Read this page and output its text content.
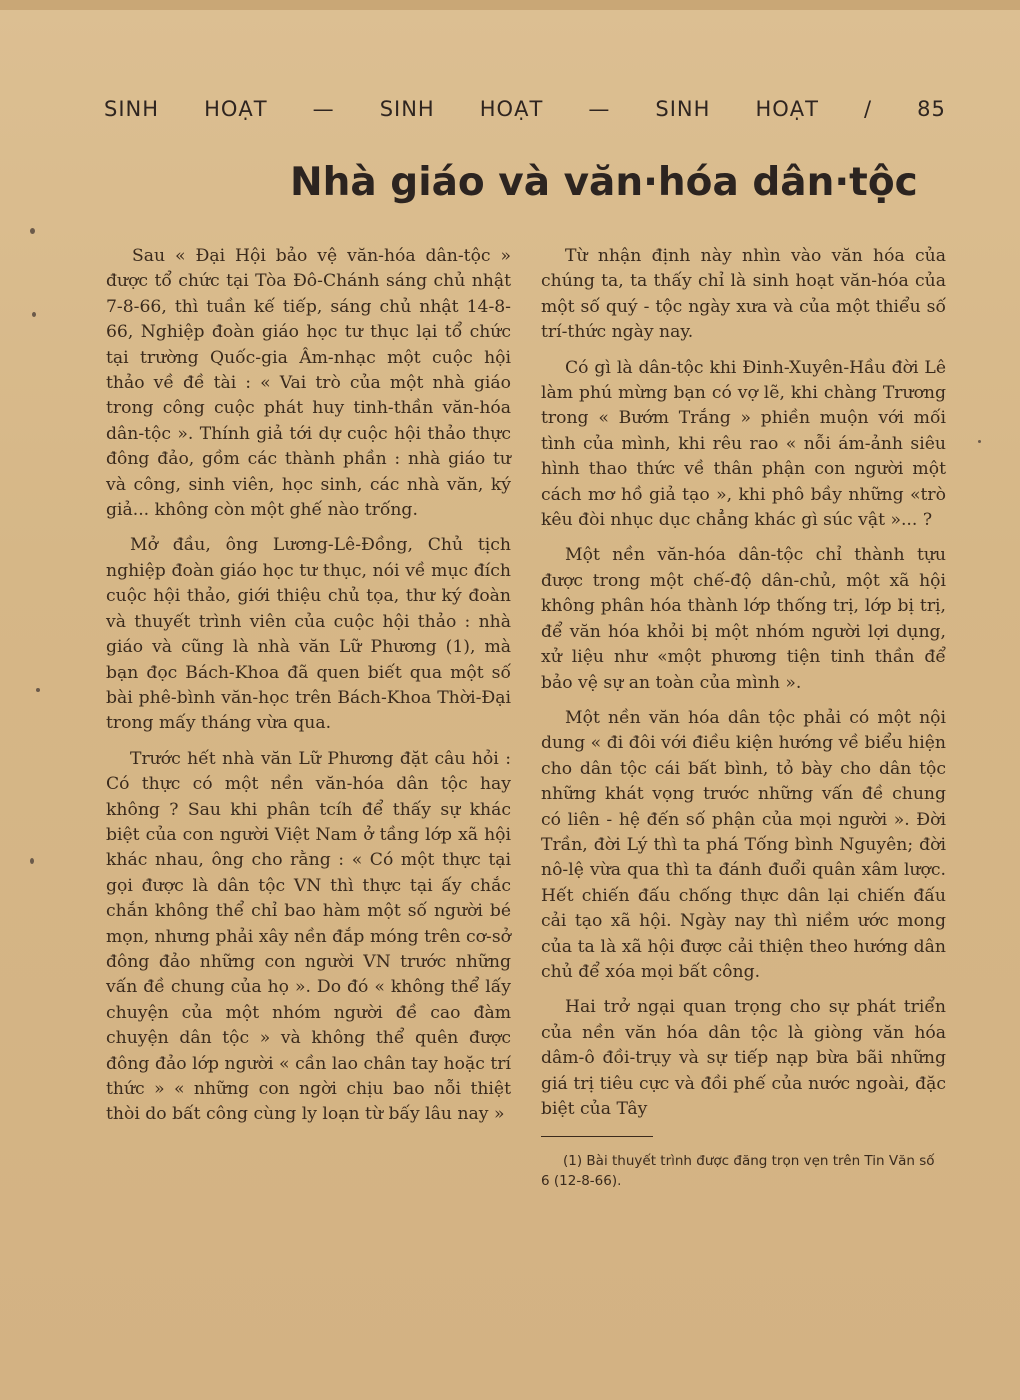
SINH HOẠT — SINH HOẠT — SINH HOẠT / 85
Nhà giáo và văn·hóa dân·tộc

Sau « Đại Hội bảo vệ văn-hóa dân-tộc » được tổ chức tại Tòa Đô-Chánh sáng chủ nhật 7-8-66, thì tuần kế tiếp, sáng chủ nhật 14-8-66, Nghiệp đoàn giáo học tư thục lại tổ chức tại trường Quốc-gia Âm-nhạc một cuộc hội thảo về đề tài : « Vai trò của một nhà giáo trong công cuộc phát huy tinh-thần văn-hóa dân-tộc ». Thính giả tới dự cuộc hội thảo thực đông đảo, gồm các thành phần : nhà giáo tư và công, sinh viên, học sinh, các nhà văn, ký giả... không còn một ghế nào trống.

Mở đầu, ông Lương-Lê-Đồng, Chủ tịch nghiệp đoàn giáo học tư thục, nói về mục đích cuộc hội thảo, giới thiệu chủ tọa, thư ký đoàn và thuyết trình viên của cuộc hội thảo : nhà giáo và cũng là nhà văn Lữ Phương (1), mà bạn đọc Bách-Khoa đã quen biết qua một số bài phê-bình văn-học trên Bách-Khoa Thời-Đại trong mấy tháng vừa qua.

Trước hết nhà văn Lữ Phương đặt câu hỏi : Có thực có một nền văn-hóa dân tộc hay không ? Sau khi phân tcíh để thấy sự khác biệt của con người Việt Nam ở tầng lớp xã hội khác nhau, ông cho rằng : « Có một thực tại gọi được là dân tộc VN thì thực tại ấy chắc chắn không thể chỉ bao hàm một số người bé mọn, nhưng phải xây nền đắp móng trên cơ-sở đông đảo những con người VN trước những vấn đề chung của họ ». Do đó « không thể lấy chuyện của một nhóm người đề cao đàm chuyện dân tộc » và không thể quên được đông đảo lớp người « cần lao chân tay hoặc trí thức » « những con ngời chịu bao nỗi thiệt thòi do bất công cùng ly loạn từ bấy lâu nay »

Từ nhận định này nhìn vào văn hóa của chúng ta, ta thấy chỉ là sinh hoạt văn-hóa của một số quý - tộc ngày xưa và của một thiểu số trí-thức ngày nay.

Có gì là dân-tộc khi Đinh-Xuyên-Hầu đời Lê làm phú mừng bạn có vợ lẽ, khi chàng Trương trong « Bướm Trắng » phiền muộn với mối tình của mình, khi rêu rao « nỗi ám-ảnh siêu hình thao thức về thân phận con người một cách mơ hồ giả tạo », khi phô bầy những «trò kêu đòi nhục dục chẳng khác gì súc vật »... ?

Một nền văn-hóa dân-tộc chỉ thành tựu được trong một chế-độ dân-chủ, một xã hội không phân hóa thành lớp thống trị, lớp bị trị, để văn hóa khỏi bị một nhóm người lợi dụng, xử liệu như «một phương tiện tinh thần để bảo vệ sự an toàn của mình ».

Một nền văn hóa dân tộc phải có một nội dung « đi đôi với điều kiện hướng về biểu hiện cho dân tộc cái bất bình, tỏ bày cho dân tộc những khát vọng trước những vấn đề chung có liên - hệ đến số phận của mọi người ». Đời Trần, đời Lý thì ta phá Tống bình Nguyên; đời nô-lệ vừa qua thì ta đánh đuổi quân xâm lược. Hết chiến đấu chống thực dân lại chiến đấu cải tạo xã hội. Ngày nay thì niềm ước mong của ta là xã hội được cải thiện theo hướng dân chủ để xóa mọi bất công.

Hai trở ngại quan trọng cho sự phát triển của nền văn hóa dân tộc là giòng văn hóa dâm-ô đồi-trụy và sự tiếp nạp bừa bãi những giá trị tiêu cực và đồi phế của nước ngoài, đặc biệt của Tây

(1) Bài thuyết trình được đăng trọn vẹn trên Tin Văn số 6 (12-8-66).
